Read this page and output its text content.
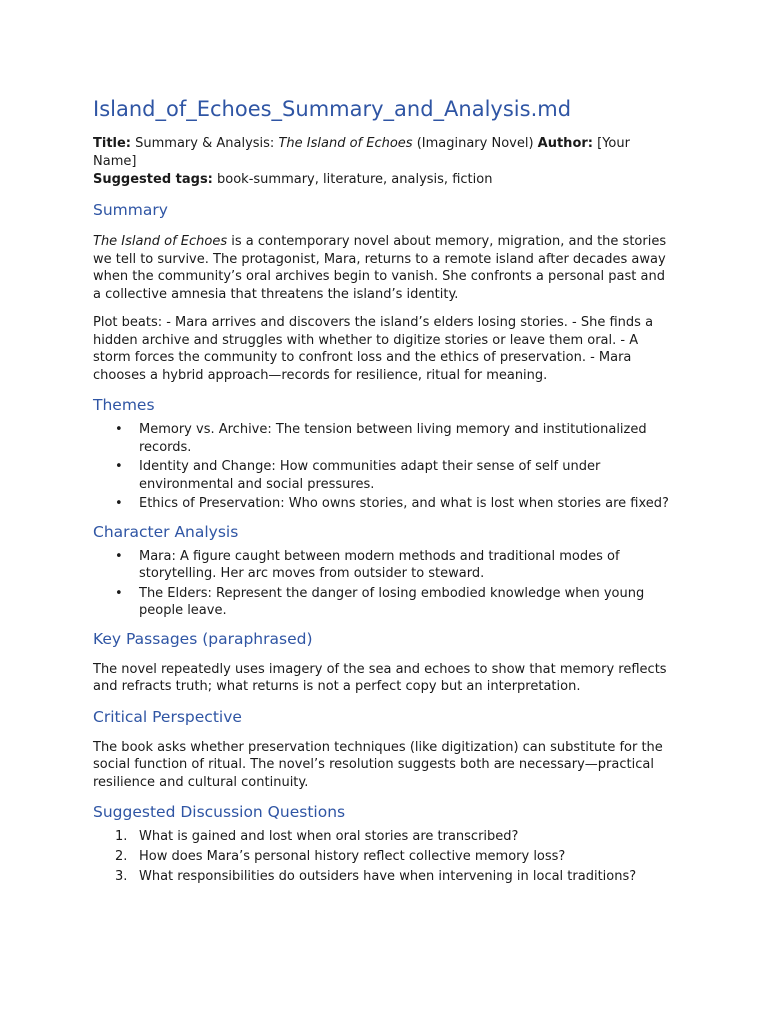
Island_of_Echoes_Summary_and_Analysis.md
Title: Summary & Analysis: The Island of Echoes (Imaginary Novel) Author: [Your Name]
Suggested tags: book-summary, literature, analysis, fiction
Summary

The Island of Echoes is a contemporary novel about memory, migration, and the stories we tell to survive. The protagonist, Mara, returns to a remote island after decades away when the community’s oral archives begin to vanish. She confronts a personal past and a collective amnesia that threatens the island’s identity.

Plot beats: - Mara arrives and discovers the island’s elders losing stories. - She finds a hidden archive and struggles with whether to digitize stories or leave them oral. - A storm forces the community to confront loss and the ethics of preservation. - Mara chooses a hybrid approach—records for resilience, ritual for meaning.

Themes
• Memory vs. Archive: The tension between living memory and institutionalized records.
• Identity and Change: How communities adapt their sense of self under environmental and social pressures.
• Ethics of Preservation: Who owns stories, and what is lost when stories are fixed?
Character Analysis
• Mara: A figure caught between modern methods and traditional modes of storytelling. Her arc moves from outsider to steward.
• The Elders: Represent the danger of losing embodied knowledge when young people leave.
Key Passages (paraphrased)

The novel repeatedly uses imagery of the sea and echoes to show that memory reflects and refracts truth; what returns is not a perfect copy but an interpretation.

Critical Perspective

The book asks whether preservation techniques (like digitization) can substitute for the social function of ritual. The novel’s resolution suggests both are necessary—practical resilience and cultural continuity.

Suggested Discussion Questions
1. What is gained and lost when oral stories are transcribed?
2. How does Mara’s personal history reflect collective memory loss?
3. What responsibilities do outsiders have when intervening in local traditions?
